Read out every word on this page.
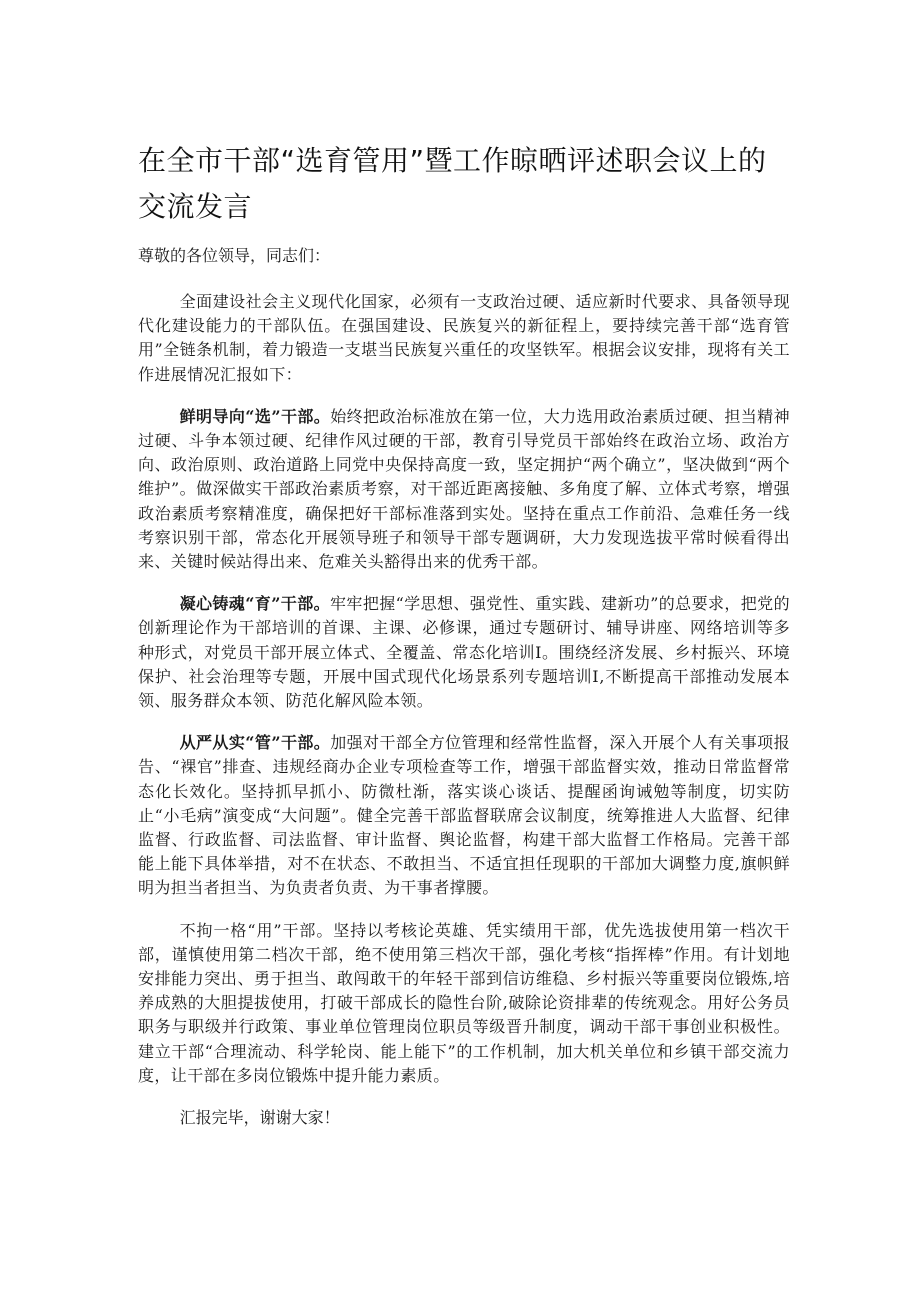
在全市干部“选育管用”暨工作晾晒评述职会议上的交流发言

尊敬的各位领导，同志们：

全面建设社会主义现代化国家，必须有一支政治过硬、适应新时代要求、具备领导现代化建设能力的干部队伍。在强国建设、民族复兴的新征程上，要持续完善干部“选育管用”全链条机制，着力锻造一支堪当民族复兴重任的攻坚铁军。根据会议安排，现将有关工作进展情况汇报如下：

鲜明导向“选”干部。始终把政治标准放在第一位，大力选用政治素质过硬、担当精神过硬、斗争本领过硬、纪律作风过硬的干部，教育引导党员干部始终在政治立场、政治方向、政治原则、政治道路上同党中央保持高度一致，坚定拥护“两个确立”，坚决做到“两个维护”。做深做实干部政治素质考察，对干部近距离接触、多角度了解、立体式考察，增强政治素质考察精准度，确保把好干部标准落到实处。坚持在重点工作前沿、急难任务一线考察识别干部，常态化开展领导班子和领导干部专题调研，大力发现选拔平常时候看得出来、关键时候站得出来、危难关头豁得出来的优秀干部。

凝心铸魂“育”干部。牢牢把握“学思想、强党性、重实践、建新功”的总要求，把党的创新理论作为干部培训的首课、主课、必修课，通过专题研讨、辅导讲座、网络培训等多种形式，对党员干部开展立体式、全覆盖、常态化培训Ⅰ。围绕经济发展、乡村振兴、环境保护、社会治理等专题，开展中国式现代化场景系列专题培训Ⅰ,不断提高干部推动发展本领、服务群众本领、防范化解风险本领。

从严从实“管”干部。加强对干部全方位管理和经常性监督，深入开展个人有关事项报告、“裸官”排查、违规经商办企业专项检查等工作，增强干部监督实效，推动日常监督常态化长效化。坚持抓早抓小、防微杜渐，落实谈心谈话、提醒函询诫勉等制度，切实防止“小毛病”演变成“大问题”。健全完善干部监督联席会议制度，统筹推进人大监督、纪律监督、行政监督、司法监督、审计监督、舆论监督，构建干部大监督工作格局。完善干部能上能下具体举措，对不在状态、不敢担当、不适宜担任现职的干部加大调整力度,旗帜鲜明为担当者担当、为负责者负责、为干事者撑腰。

不拘一格“用”干部。坚持以考核论英雄、凭实绩用干部，优先选拔使用第一档次干部，谨慎使用第二档次干部，绝不使用第三档次干部，强化考核“指挥棒”作用。有计划地安排能力突出、勇于担当、敢闯敢干的年轻干部到信访维稳、乡村振兴等重要岗位锻炼,培养成熟的大胆提拔使用，打破干部成长的隐性台阶,破除论资排辈的传统观念。用好公务员职务与职级并行政策、事业单位管理岗位职员等级晋升制度，调动干部干事创业积极性。建立干部“合理流动、科学轮岗、能上能下”的工作机制，加大机关单位和乡镇干部交流力度，让干部在多岗位锻炼中提升能力素质。

汇报完毕，谢谢大家！
